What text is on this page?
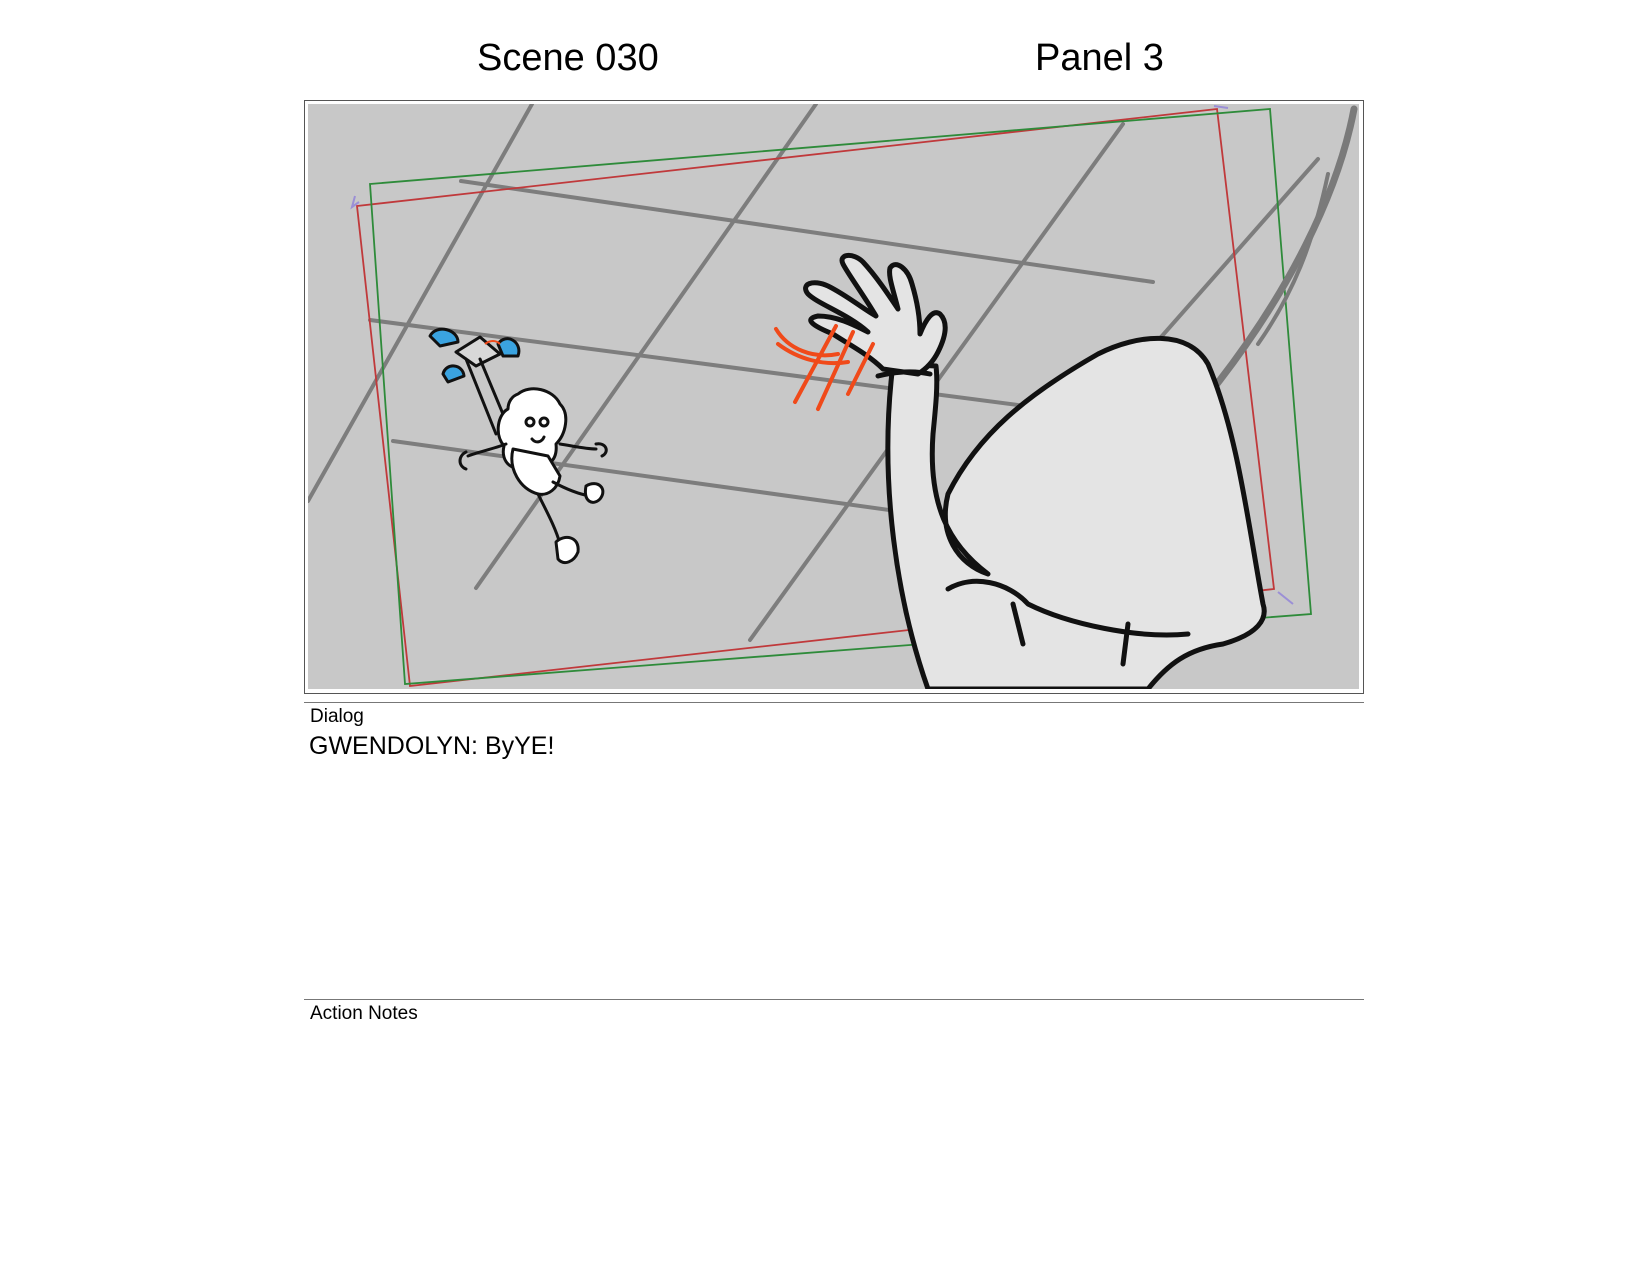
Scene 030	Panel 3
Dialog
GWENDOLYN: ByYE!
Action Notes
